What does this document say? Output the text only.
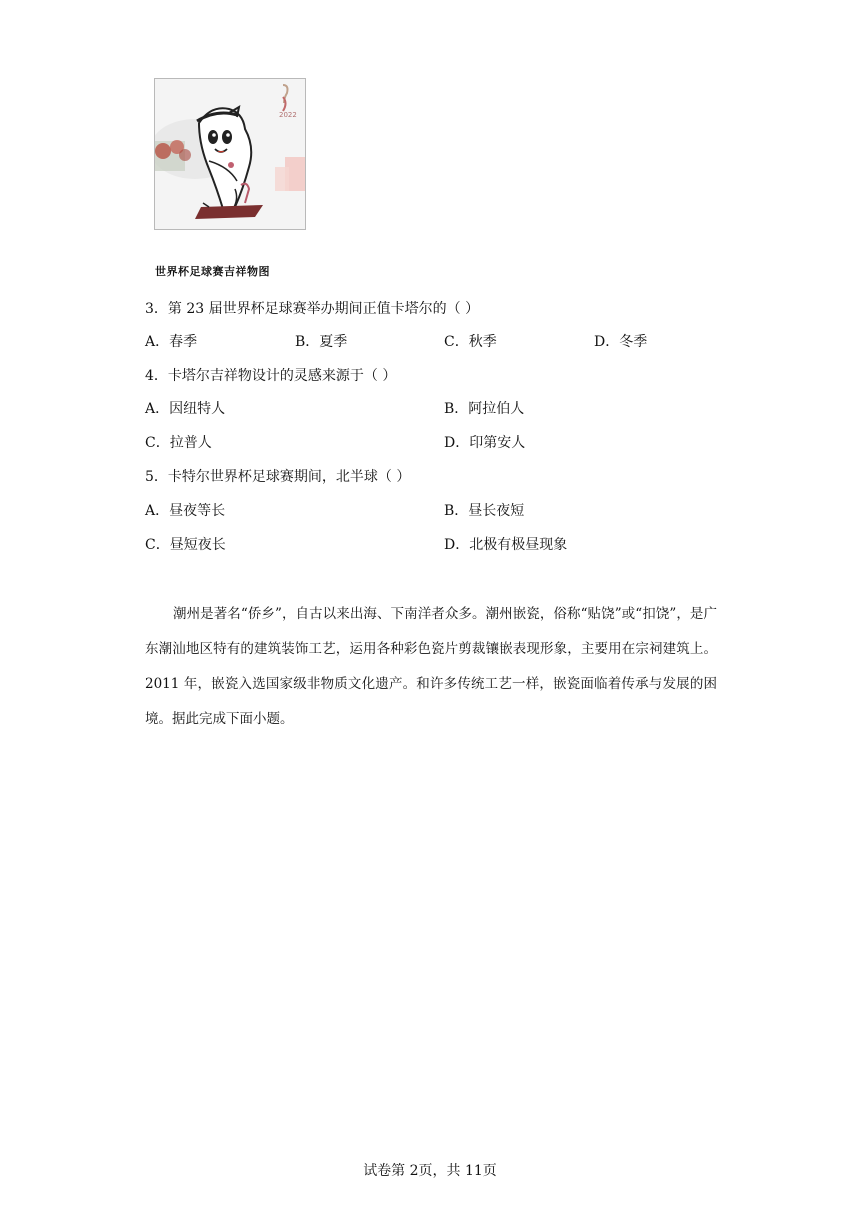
2022
世界杯足球赛吉祥物图
3．第 23 届世界杯足球赛举办期间正值卡塔尔的（ ）
A．春季	B．夏季	C．秋季	D．冬季
4．卡塔尔吉祥物设计的灵感来源于（ ）
A．因纽特人	B．阿拉伯人
C．拉普人	D．印第安人
5．卡特尔世界杯足球赛期间，北半球（ ）
A．昼夜等长	B．昼长夜短
C．昼短夜长	D．北极有极昼现象
潮州是著名“侨乡”，自古以来出海、下南洋者众多。潮州嵌瓷，俗称“贴饶”或“扣饶”，是广东潮汕地区特有的建筑装饰工艺，运用各种彩色瓷片剪裁镶嵌表现形象，主要用在宗祠建筑上。2011 年，嵌瓷入选国家级非物质文化遗产。和许多传统工艺一样，嵌瓷面临着传承与发展的困境。据此完成下面小题。
试卷第 2页，共 11页
